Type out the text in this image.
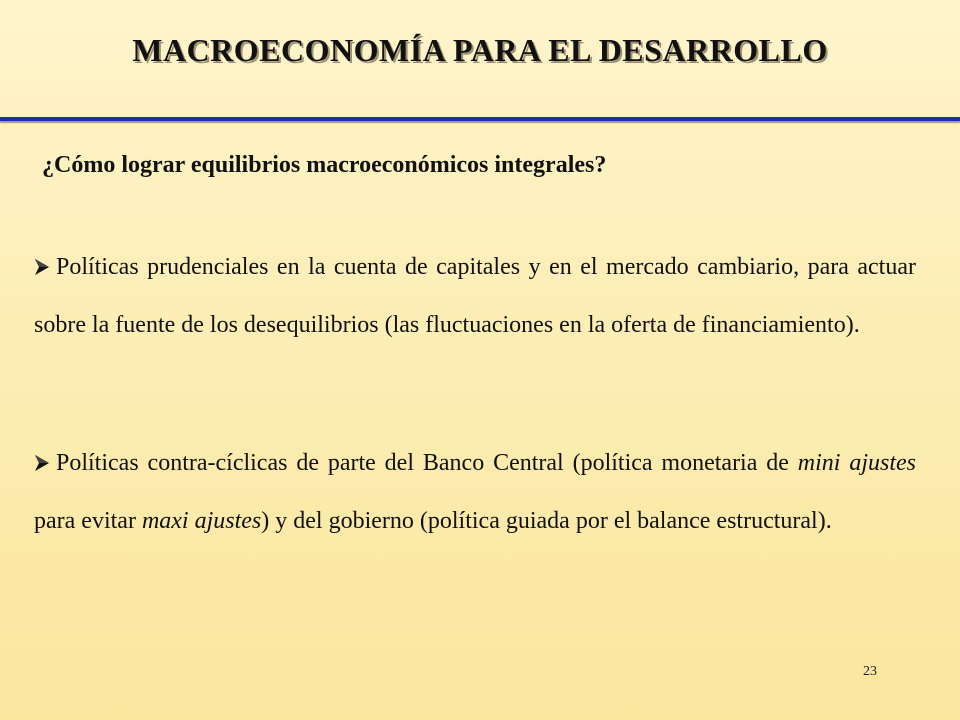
MACROECONOMÍA PARA EL DESARROLLO
¿Cómo lograr equilibrios macroeconómicos integrales?
Políticas prudenciales en la cuenta de capitales y en el mercado cambiario, para actuar sobre la fuente de los desequilibrios (las fluctuaciones en la oferta de financiamiento).
Políticas contra-cíclicas de parte del Banco Central (política monetaria de mini ajustes para evitar maxi ajustes) y del gobierno (política guiada por el balance estructural).
23
